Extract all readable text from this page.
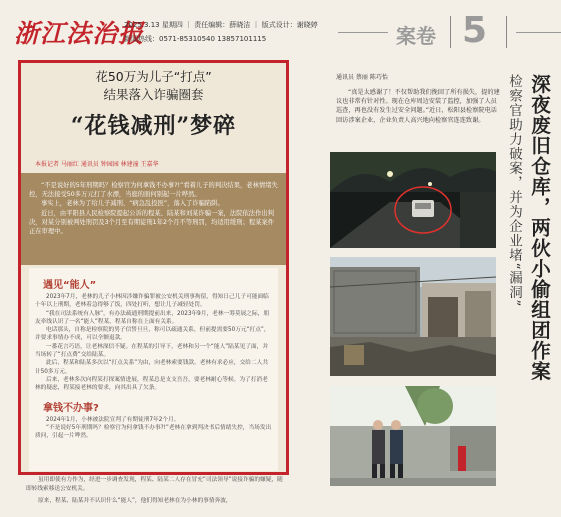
浙江法治报
2025.3.13 星期四 ｜ 责任编辑：薛晓洁 ｜ 版式设计：谢晓婷
新闻热线：0571-85310540 13857101115	案卷 5
花50万为儿子“打点”
结果落入诈骗圈套
“花钱减刑”梦碎
本报记者 马丽红 通讯员 钟园园 林建潼 王嘉华

“不是说好的5年刑期吗？检察官为何拿钱不办事?!”看着儿子的判决结果，老林情绪失控，无法接受50多万元打了水漂，当庭的面何别起一片哗然。

事实上，老林为了给儿子减刑、“病急乱投医”，落入了诈骗陷阱。

近日，由平阳县人民检察院提起公诉的程某、陆某和刘某诈骗一案，法院依法作出判决，对某分别被判处刑罚及3个月至有期徒刑1年2个月不等刑罚，均适用缓刑；程某案件正在审理中。

遇见“能人”

2023年7月，老林的儿子小林因涉嫌诈骗罪被公安机关刑事拘留，得知日己儿子可能面临十年以上刑期，老林着急得够了饭，四处打听，想让儿子减轻处罚。

“我在司法系统有人脉”，有办法疏通刑期提前出来，2023年9月，老林一筹莫展之际，朋友牵线认识了一名“能人”程某，程某自称在上面有关系。

电话那头，自称是检察院的男子信誓旦旦，称可以疏通关系，但前提需要50万元“打点”，并要求事情办不成，可以全额退款。

一番花言巧语，让老林深信不疑。在程某的引导下，老林和另一个“能人”陆某见了面，并当场转了“打点费”交给陆某。

此后，程某和陆某多次以“打点关系”为由，向老林索要钱款。老林有求必应，交给二人共计50多万元。

后来，老林多次向程某打探案情进展，程某总是支支吾吾，要老林耐心等候。为了打消老林的疑虑，程某接老林的要求，向其出具了欠条。

拿钱不办事?

2024年1月，小林被法院宣判了有期徒刑7年2个月。

“不是说好5年刑期吗？检察官为何拿钱不办事?!”老林在拿到判决书后情绪失控，当场发出质问，引起一片哗然。

虽用即使有力作为，经进一步调查发现，程某、陆某二人存在冒充“司法领导”说接诈骗的嫌疑，随即转线索移送公安机关。

原来，程某、陆某并不认识什么“能人”，他们得知老林在为小林的事情奔波，

通讯员 蔡丽 陈巧怡

“真是太感谢了！不仅帮助我们挽回了所有损失，提的建议也非常有针对性。现在仓库周边安装了监控，加强了人员巡查，再也没有发生过安全问题。”近日，松阳县检察院电话回访涉案企业，企业负责人高兴地向检察官连连致谢。	深夜废旧仓库，两伙小偷组团作案
检察官助力破案，并为企业堵“漏洞”
